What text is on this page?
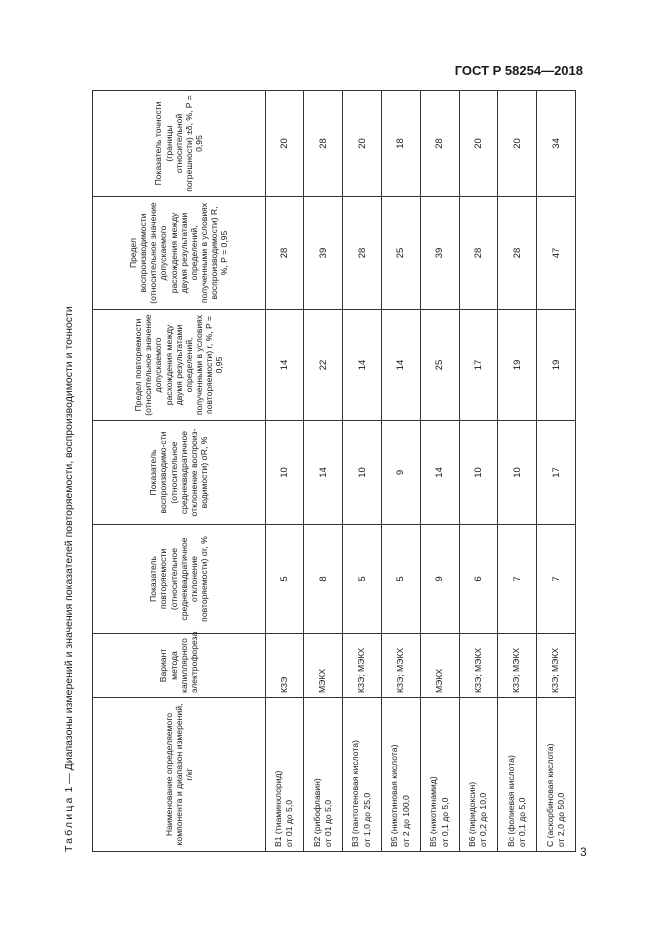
ГОСТ Р 58254—2018
Таблица 1 — Диапазоны измерений и значения показателей повторяемости, воспроизводимости и точности	Наименование определяемого компонента и диапазон измерений, г/кг	Вариант метода капиллярного электрофореза	Показатель повторяемости (относительное среднеквадратичное отклонение повторяемости) σr, %	Показатель воспроизводимо-сти (относительное среднеквадратичное отклонение воспроиз-водимости) σR, %	Предел повторяемости (относительное значение допускаемого расхождения между двумя результатами определений, полученными в условиях повторяемости) r, %, P = 0,95	Предел воспроизводимости (относительное значение допускаемого расхождения между двумя результатами определений, полученными в условиях воспроизводимости) R, %, P = 0,95	Показатель точности (границы относительной погрешности) ±δ, %, P = 0,95
B1 (тиаминхлорид) от 01 до 5,0	КЗЭ	5	10	14	28	20
B2 (рибофлавин) от 01 до 5,0	МЭКХ	8	14	22	39	28
B3 (пантотеновая кислота) от 1,0 до 25,0	КЗЭ; МЭКХ	5	10	14	28	20
B5 (никотиновая кислота) от 2 до 100,0	КЗЭ; МЭКХ	5	9	14	25	18
B5 (никотинамид) от 0,1 до 5,0	МЭКХ	9	14	25	39	28
B6 (пиридоксин) от 0,2 до 10,0	КЗЭ; МЭКХ	6	10	17	28	20
Bc (фолиевая кислота) от 0,1 до 5,0	КЗЭ; МЭКХ	7	10	19	28	20
C (аскорбиновая кислота) от 2,0 до 50,0	КЗЭ; МЭКХ	7	17	19	47	34
3
